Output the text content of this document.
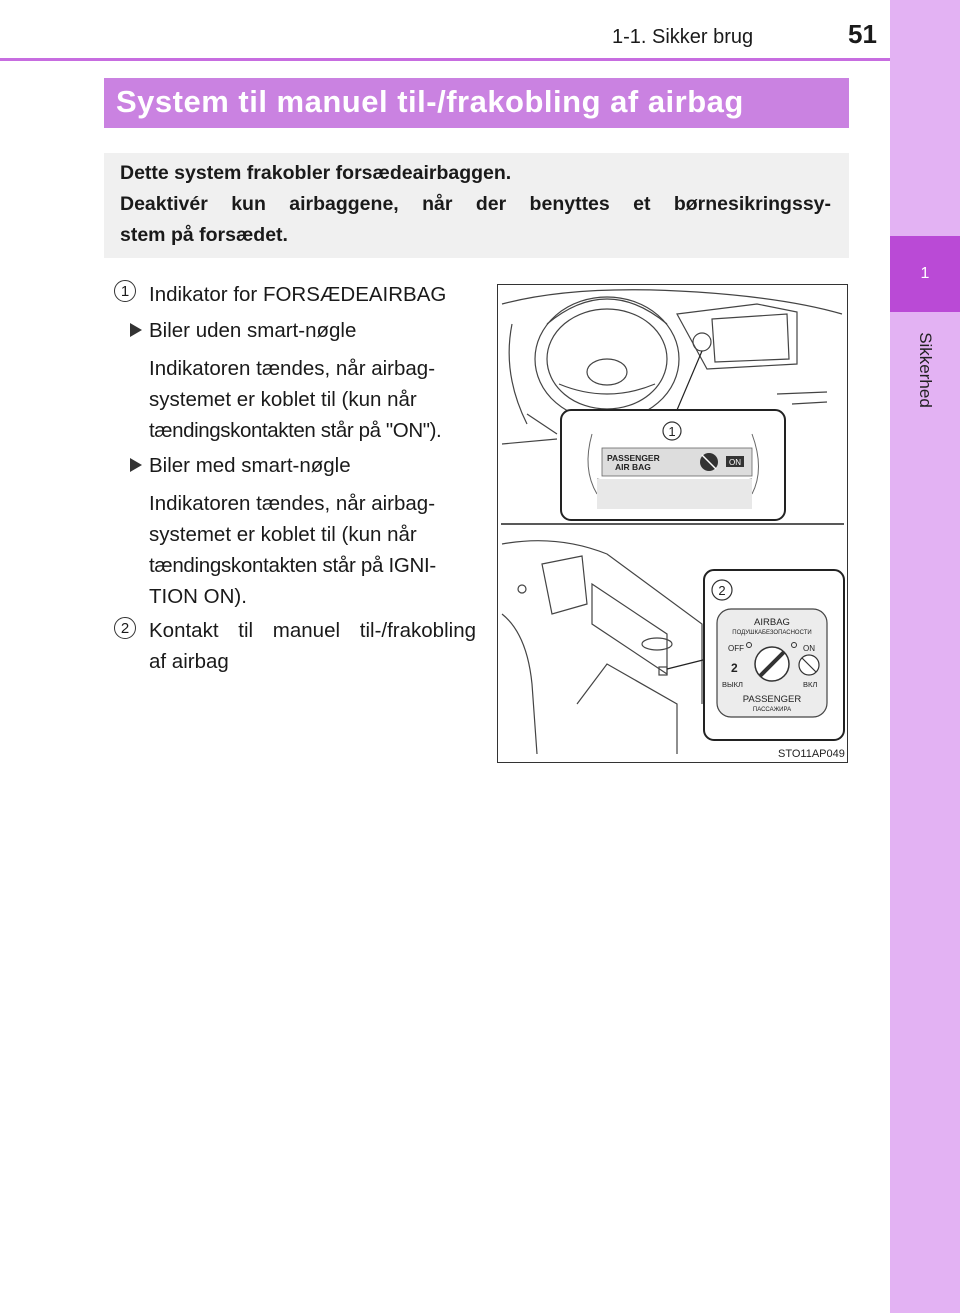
1-1. Sikker brug	51
1
Sikkerhed
System til manuel til-/frakobling af airbag

Dette system frakobler forsædeairbaggen.

Deaktivér kun airbaggene, når der benyttes et børnesikringssy-

stem på forsædet.

1 Indikator for FORSÆDEAIRBAG
Biler uden smart-nøgle
Indikatoren tændes, når airbag-
systemet er koblet til (kun når
tændingskontakten står på "ON").
Biler med smart-nøgle
Indikatoren tændes, når airbag-
systemet er koblet til (kun når
tændingskontakten står på IGNI-
TION ON).
2 Kontakt til manuel til-/frakobling
af airbag
1
PASSENGER
AIR BAG	ON
2
AIRBAG
ПОДУШКАБЕЗОПАСНОСТИ
OFF	ON
2
ВЫКЛ	ВКЛ
PASSENGER
ПАССАЖИРА
STO11AP049
